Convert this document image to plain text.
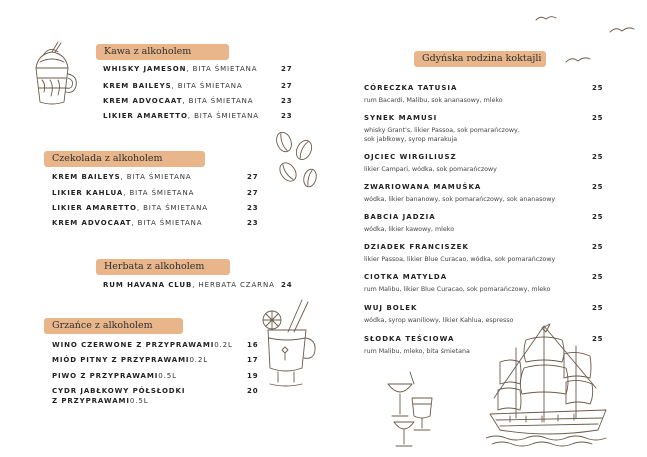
Kawa z alkoholem
WHISKY JAMESON , BITA ŚMIETANA	27
KREM BAILEYS , BITA ŚMIETANA	27
KREM ADVOCAAT , BITA ŚMIETANA	23
LIKIER AMARETTO , BITA ŚMIETANA	23
Czekolada z alkoholem
KREM BAILEYS , BITA ŚMIETANA	27
LIKIER KAHLUA , BITA ŚMIETANA	27
LIKIER AMARETTO , BITA ŚMIETANA	23
KREM ADVOCAAT , BITA ŚMIETANA	23
Herbata z alkoholem
RUM HAVANA CLUB , HERBATA CZARNA 24
Grzańce z alkoholem
WINO CZERWONE Z PRZYPRAWAMI 0.2L 16
MIÓD PITNY Z PRZYPRAWAMI 0.2L	17
PIWO Z PRZYPRAWAMI 0.5L	19
CYDR JABŁKOWY PÓŁSŁODKI	20
Z PRZYPRAWAMI 0.5L
Gdyńska rodzina koktajli
CÓRECZKA TATUSIA	25
rum Bacardi, Malibu, sok ananasowy, mleko
SYNEK MAMUSI	25
whisky Grant's, likier Passoa, sok pomarańczowy,
sok jabłkowy, syrop marakuja
OJCIEC WIRGILIUSZ	25
likier Campari, wódka, sok pomarańczowy
ZWARIOWANA MAMUŚKA	25
wódka, likier bananowy, sok pomarańczowy, sok ananasowy
BABCIA JADZIA	25
wódka, likier kawowy, mleko
DZIADEK FRANCISZEK	25
likier Passoa, likier Blue Curacao, wódka, sok pomarańczowy
CIOTKA MATYLDA	25
rum Malibu, likier Blue Curacao, sok pomarańczowy, mleko
WUJ BOLEK	25
wódka, syrop waniliowy, likier Kahlua, espresso
SŁODKA TEŚCIOWA	25
rum Malibu, mleko, bita śmietana
